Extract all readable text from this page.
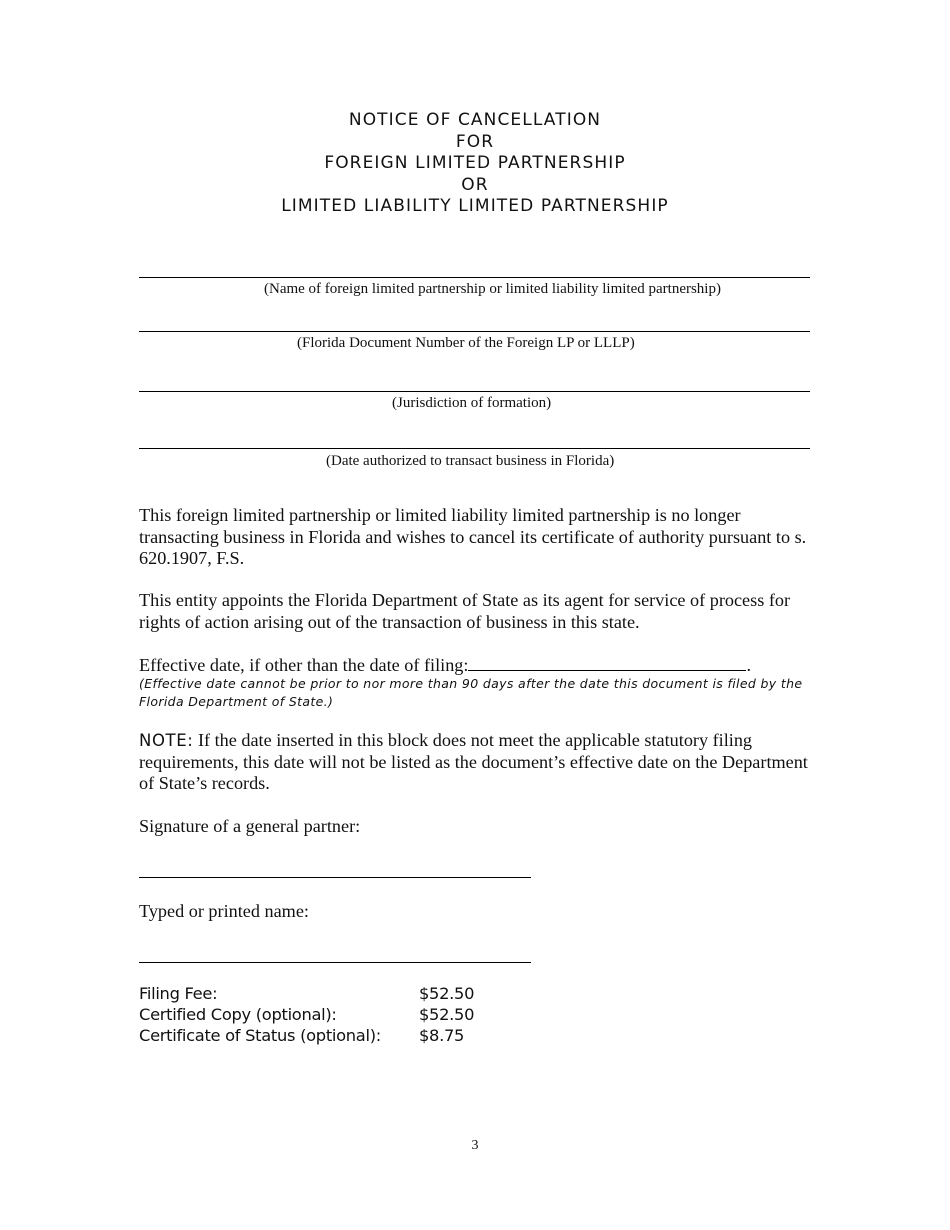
NOTICE OF CANCELLATION
FOR
FOREIGN LIMITED PARTNERSHIP
OR
LIMITED LIABILITY LIMITED PARTNERSHIP
(Name of foreign limited partnership or limited liability limited partnership)
(Florida Document Number of the Foreign LP or LLLP)
(Jurisdiction of formation)
(Date authorized to transact business in Florida)
This foreign limited partnership or limited liability limited partnership is no longer transacting business in Florida and wishes to cancel its certificate of authority pursuant to s. 620.1907, F.S.
This entity appoints the Florida Department of State as its agent for service of process for rights of action arising out of the transaction of business in this state.
Effective date, if other than the date of filing:	.
(Effective date cannot be prior to nor more than 90 days after the date this document is filed by the Florida Department of State.)
NOTE: If the date inserted in this block does not meet the applicable statutory filing requirements, this date will not be listed as the document’s effective date on the Department of State’s records.
Signature of a general partner:
Typed or printed name:
Filing Fee:	$52.50
Certified Copy (optional):	$52.50
Certificate of Status (optional):	$8.75
3
